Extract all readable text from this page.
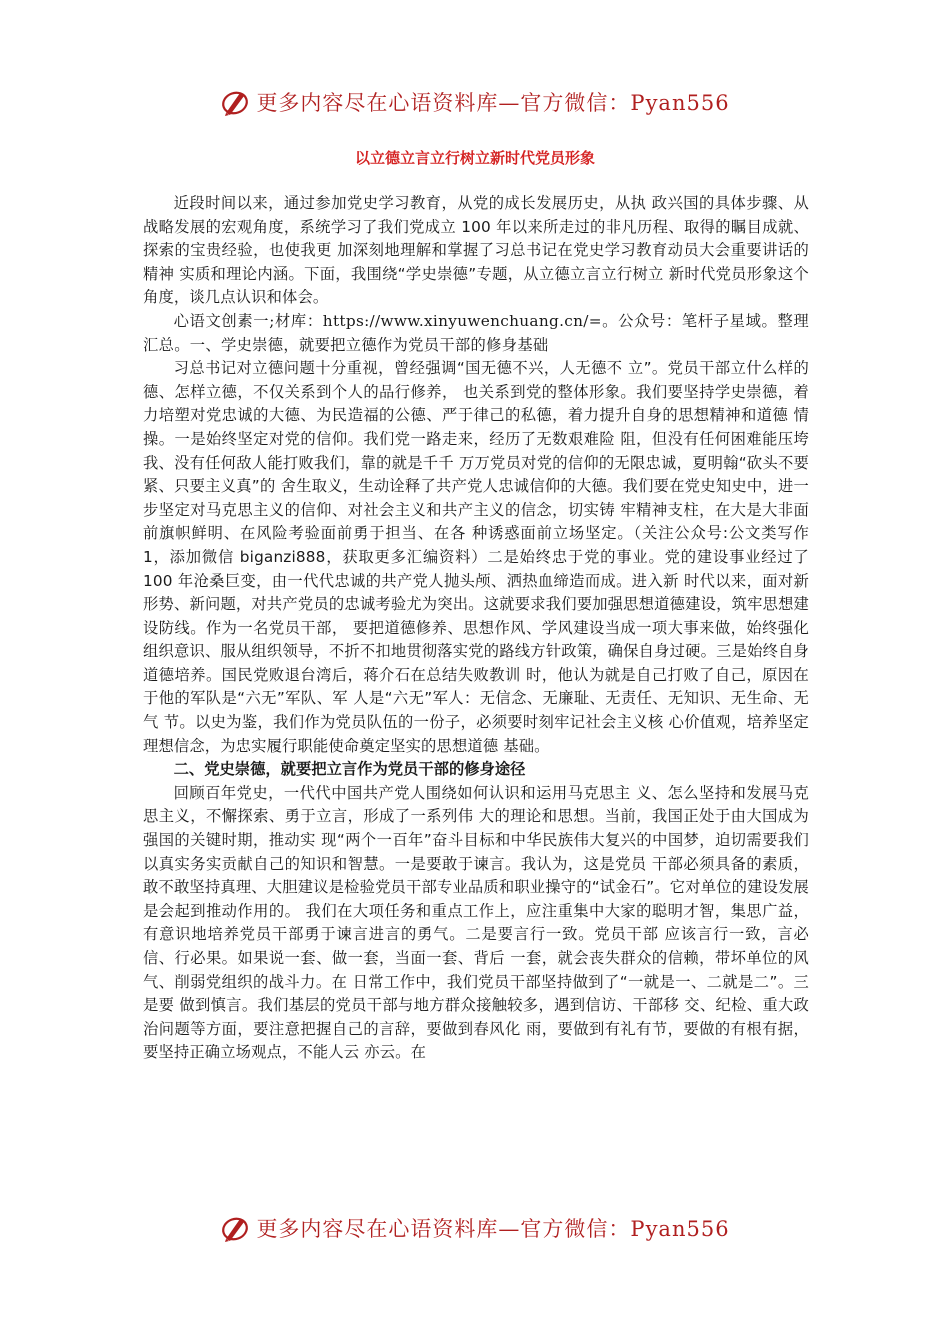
更多内容尽在心语资料库—官方微信：Pyan556
以立德立言立行树立新时代党员形象

近段时间以来，通过参加党史学习教育，从党的成长发展历史，从执 政兴国的具体步骤、从战略发展的宏观角度，系统学习了我们党成立 100 年以来所走过的非凡历程、取得的瞩目成就、探索的宝贵经验，也使我更 加深刻地理解和掌握了习总书记在党史学习教育动员大会重要讲话的精神 实质和理论内涵。下面，我围绕“学史崇德”专题，从立德立言立行树立 新时代党员形象这个角度，谈几点认识和体会。

心语文创素一;材库：https://www.xinyuwenchuang.cn/=。公众号：笔杆子星域。整理汇总。一、学史崇德，就要把立德作为党员干部的修身基础

习总书记对立德问题十分重视，曾经强调“国无德不兴，人无德不 立”。党员干部立什么样的德、怎样立德，不仅关系到个人的品行修养， 也关系到党的整体形象。我们要坚持学史崇德，着力培塑对党忠诚的大德、为民造福的公德、严于律己的私德，着力提升自身的思想精神和道德 情操。一是始终坚定对党的信仰。我们党一路走来，经历了无数艰难险 阻，但没有任何困难能压垮我、没有任何敌人能打败我们，靠的就是千千 万万党员对党的信仰的无限忠诚，夏明翰“砍头不要紧、只要主义真”的 舍生取义，生动诠释了共产党人忠诚信仰的大德。我们要在党史知史中，进一步坚定对马克思主义的信仰、对社会主义和共产主义的信念，切实铸 牢精神支柱，在大是大非面前旗帜鲜明、在风险考验面前勇于担当、在各 种诱惑面前立场坚定。（关注公众号:公文类写作 1，添加微信 biganzi888，获取更多汇编资料）二是始终忠于党的事业。党的建设事业经过了 100 年沧桑巨变，由一代代忠诚的共产党人抛头颅、洒热血缔造而成。进入新 时代以来，面对新形势、新问题，对共产党员的忠诚考验尤为突出。这就要求我们要加强思想道德建设，筑牢思想建设防线。作为一名党员干部， 要把道德修养、思想作风、学风建设当成一项大事来做，始终强化组织意识、服从组织领导，不折不扣地贯彻落实党的路线方针政策，确保自身过硬。三是始终自身道德培养。国民党败退台湾后，蒋介石在总结失败教训 时，他认为就是自己打败了自己，原因在于他的军队是“六无”军队、军 人是“六无”军人：无信念、无廉耻、无责任、无知识、无生命、无气 节。以史为鉴，我们作为党员队伍的一份子，必须要时刻牢记社会主义核 心价值观，培养坚定理想信念，为忠实履行职能使命奠定坚实的思想道德 基础。

二、党史崇德，就要把立言作为党员干部的修身途径

回顾百年党史，一代代中国共产党人围绕如何认识和运用马克思主 义、怎么坚持和发展马克思主义，不懈探索、勇于立言，形成了一系列伟 大的理论和思想。当前，我国正处于由大国成为强国的关键时期，推动实 现“两个一百年”奋斗目标和中华民族伟大复兴的中国梦，迫切需要我们以真实务实贡献自己的知识和智慧。一是要敢于谏言。我认为，这是党员 干部必须具备的素质，敢不敢坚持真理、大胆建议是检验党员干部专业品质和职业操守的“试金石”。它对单位的建设发展是会起到推动作用的。 我们在大项任务和重点工作上，应注重集中大家的聪明才智，集思广益， 有意识地培养党员干部勇于谏言进言的勇气。二是要言行一致。党员干部 应该言行一致，言必信、行必果。如果说一套、做一套，当面一套、背后 一套，就会丧失群众的信赖，带坏单位的风气、削弱党组织的战斗力。在 日常工作中，我们党员干部坚持做到了“一就是一、二就是二”。三是要 做到慎言。我们基层的党员干部与地方群众接触较多，遇到信访、干部移 交、纪检、重大政治问题等方面，要注意把握自己的言辞，要做到春风化 雨，要做到有礼有节，要做的有根有据，要坚持正确立场观点，不能人云 亦云。在

更多内容尽在心语资料库—官方微信：Pyan556
